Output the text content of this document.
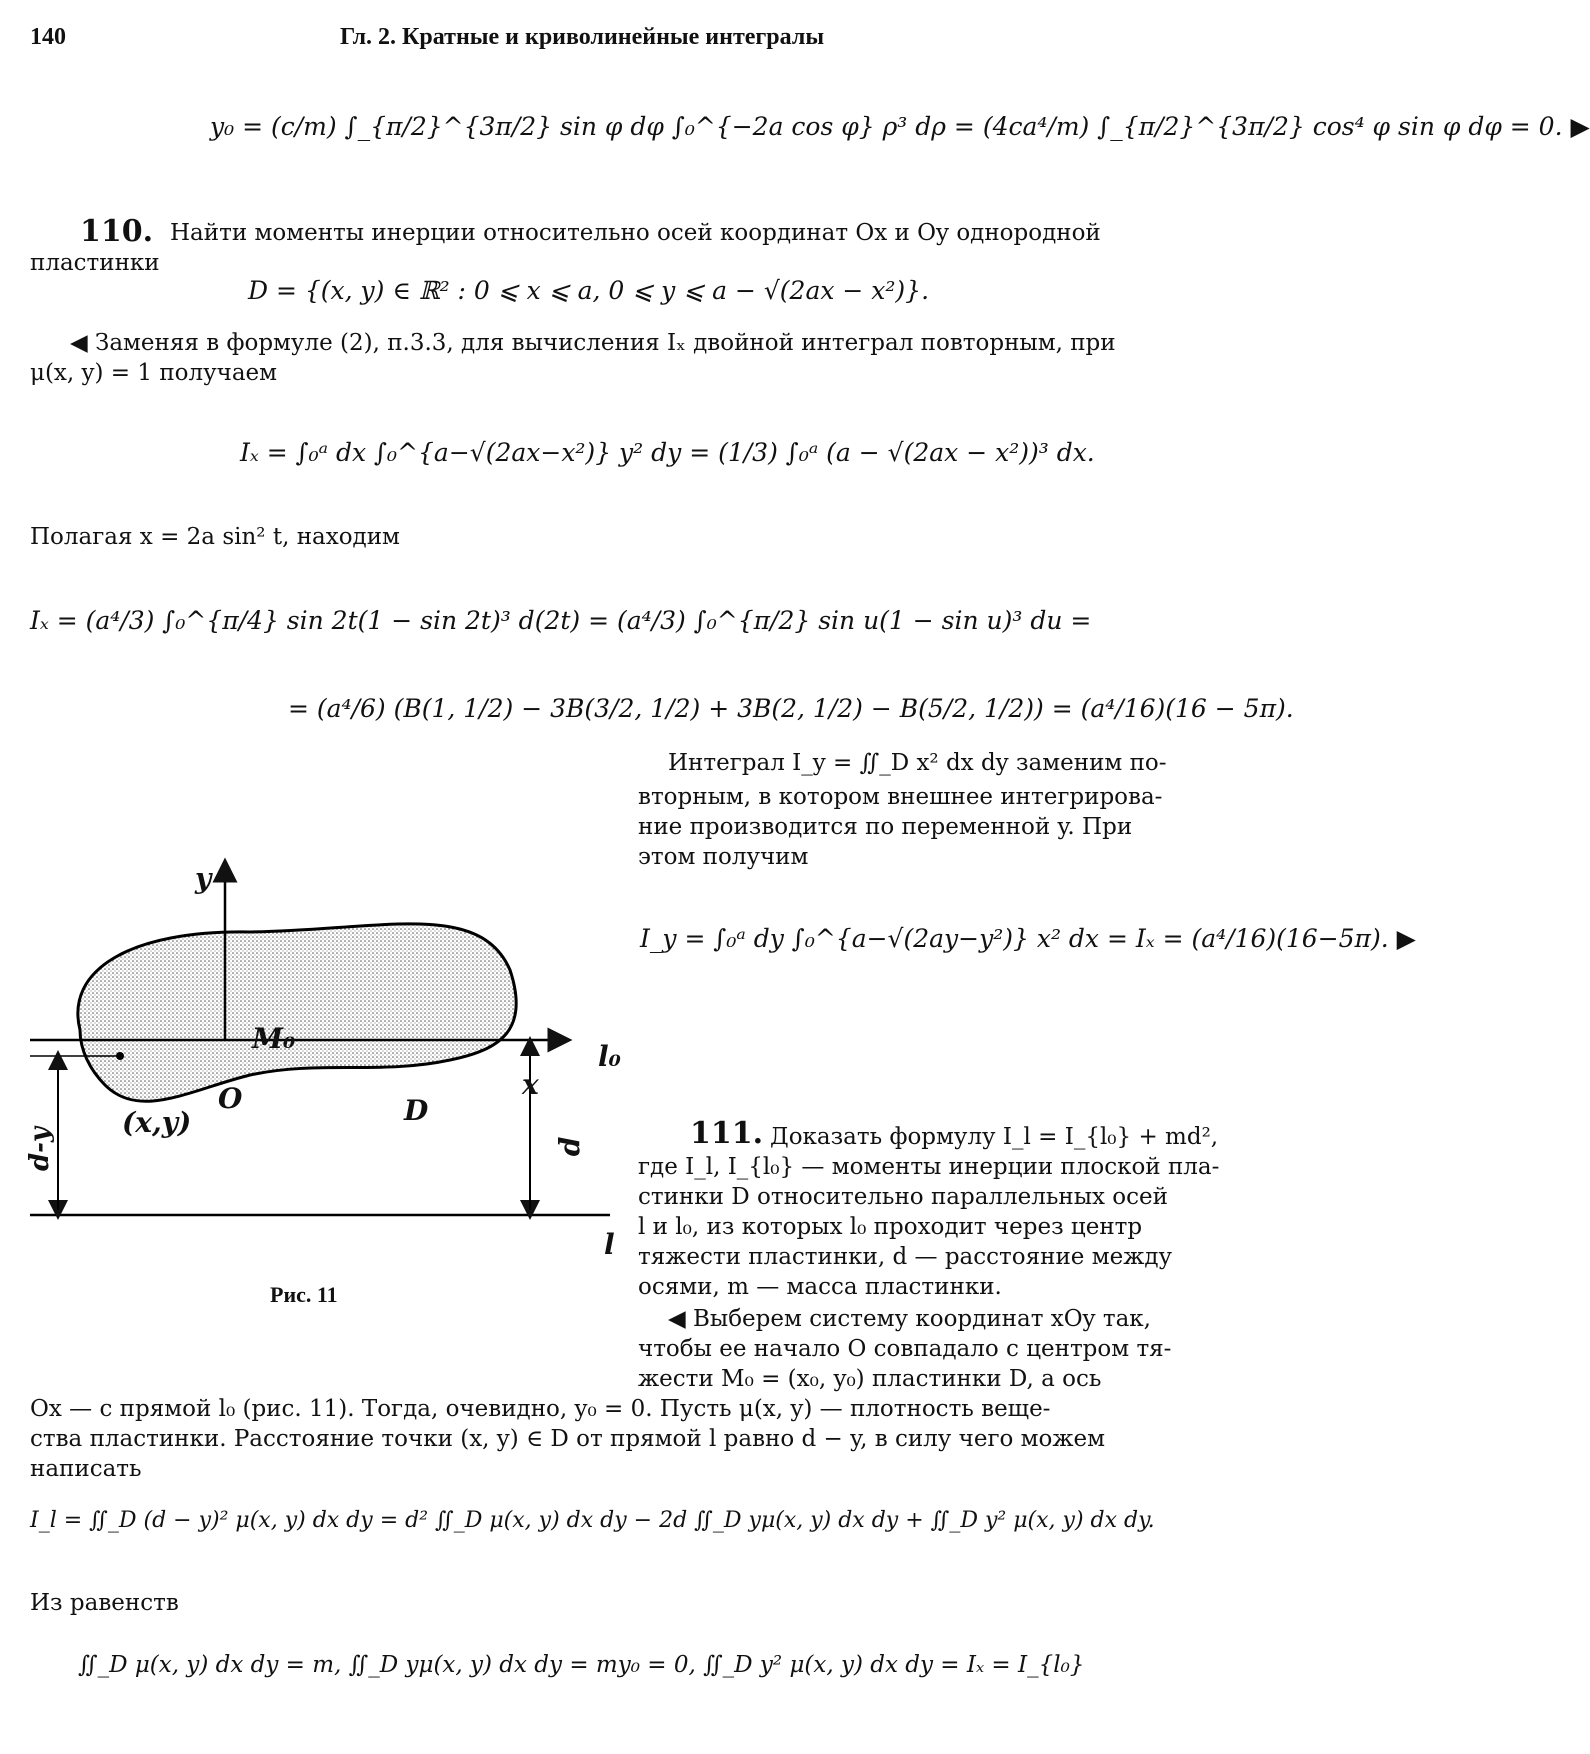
140	Гл. 2. Кратные и криволинейные интегралы
y₀ = (c/m) ∫_{π/2}^{3π/2} sin φ dφ ∫₀^{−2a cos φ} ρ³ dρ = (4ca⁴/m) ∫_{π/2}^{3π/2} cos⁴ φ sin φ dφ = 0. ▶
110. Найти моменты инерции относительно осей координат Ox и Oy однородной
пластинки
D = {(x, y) ∈ ℝ² : 0 ⩽ x ⩽ a, 0 ⩽ y ⩽ a − √(2ax − x²)}.
◀ Заменяя в формуле (2), п.3.3, для вычисления Iₓ двойной интеграл повторным, при
μ(x, y) = 1 получаем
Iₓ = ∫₀ᵃ dx ∫₀^{a−√(2ax−x²)} y² dy = (1/3) ∫₀ᵃ (a − √(2ax − x²))³ dx.
Полагая x = 2a sin² t, находим
Iₓ = (a⁴/3) ∫₀^{π/4} sin 2t(1 − sin 2t)³ d(2t) = (a⁴/3) ∫₀^{π/2} sin u(1 − sin u)³ du =
= (a⁴/6) (B(1, 1/2) − 3B(3/2, 1/2) + 3B(2, 1/2) − B(5/2, 1/2)) = (a⁴/16)(16 − 5π).
Интеграл I_y = ∬_D x² dx dy заменим по-
вторным, в котором внешнее интегрирова-
ние производится по переменной y. При
этом получим
I_y = ∫₀ᵃ dy ∫₀^{a−√(2ay−y²)} x² dx = Iₓ = (a⁴/16)(16−5π). ▶
y
x
M₀
O	D
(x,y)
l₀
l
d
d-y
Рис. 11
111. Доказать формулу I_l = I_{l₀} + md²,
где I_l, I_{l₀} — моменты инерции плоской пла-
стинки D относительно параллельных осей
l и l₀, из которых l₀ проходит через центр
тяжести пластинки, d — расстояние между
осями, m — масса пластинки.
◀ Выберем систему координат xOy так,
чтобы ее начало O совпадало с центром тя-
жести M₀ = (x₀, y₀) пластинки D, а ось
Ox — с прямой l₀ (рис. 11). Тогда, очевидно, y₀ = 0. Пусть μ(x, y) — плотность веще-
ства пластинки. Расстояние точки (x, y) ∈ D от прямой l равно d − y, в силу чего можем
написать
I_l = ∬_D (d − y)² μ(x, y) dx dy = d² ∬_D μ(x, y) dx dy − 2d ∬_D yμ(x, y) dx dy + ∬_D y² μ(x, y) dx dy.
Из равенств
∬_D μ(x, y) dx dy = m, ∬_D yμ(x, y) dx dy = my₀ = 0, ∬_D y² μ(x, y) dx dy = Iₓ = I_{l₀}
